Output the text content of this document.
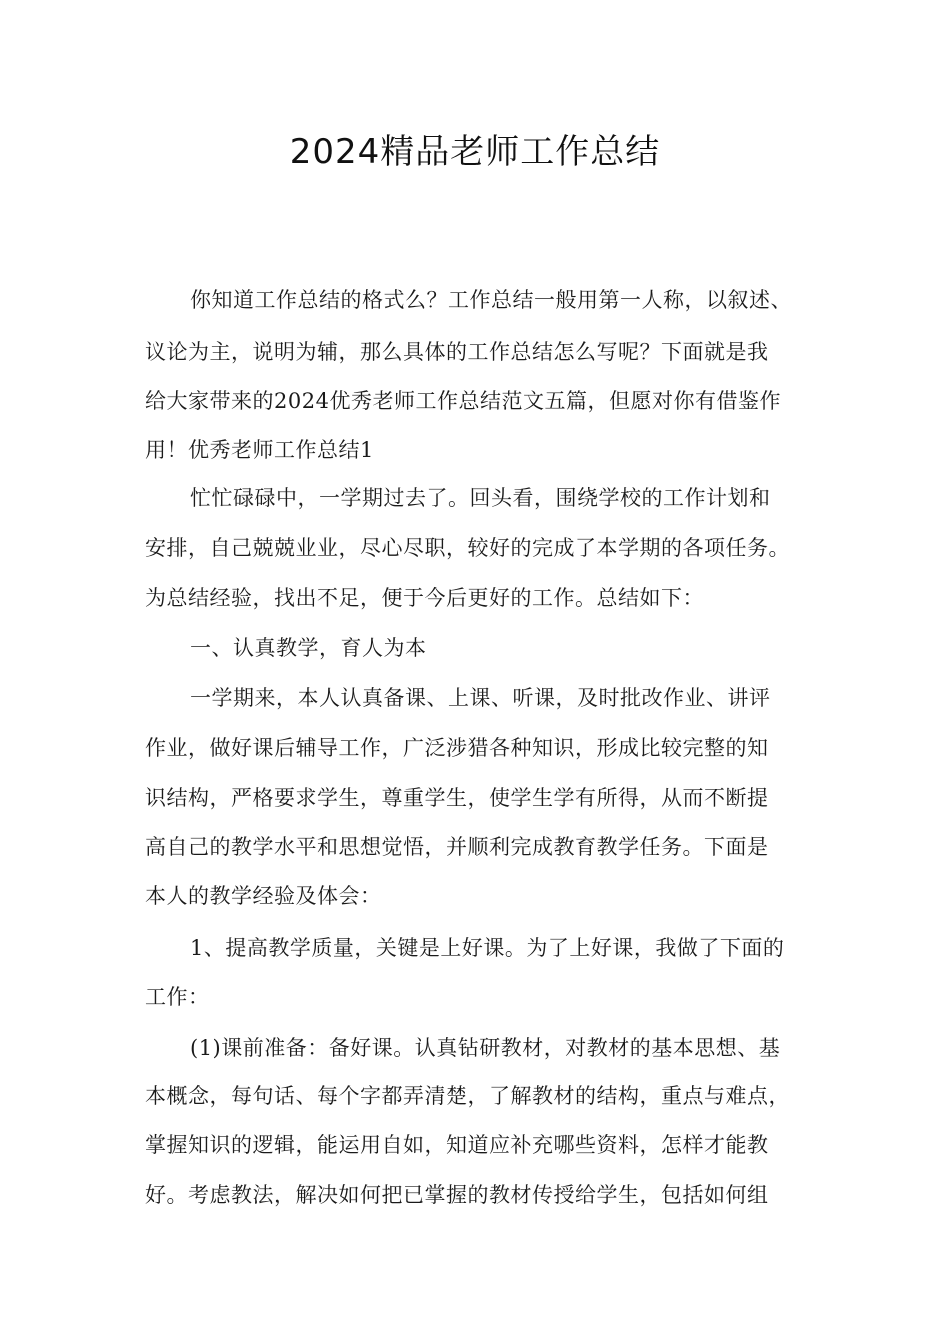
2024精品老师工作总结
你知道工作总结的格式么？工作总结一般用第一人称，以叙述、
议论为主，说明为辅，那么具体的工作总结怎么写呢？下面就是我
给大家带来的2024优秀老师工作总结范文五篇，但愿对你有借鉴作
用！优秀老师工作总结1
忙忙碌碌中，一学期过去了。回头看，围绕学校的工作计划和
安排，自己兢兢业业，尽心尽职，较好的完成了本学期的各项任务。
为总结经验，找出不足，便于今后更好的工作。总结如下：
一、认真教学，育人为本
一学期来，本人认真备课、上课、听课，及时批改作业、讲评
作业，做好课后辅导工作，广泛涉猎各种知识，形成比较完整的知
识结构，严格要求学生，尊重学生，使学生学有所得，从而不断提
高自己的教学水平和思想觉悟，并顺利完成教育教学任务。下面是
本人的教学经验及体会：
1、提高教学质量，关键是上好课。为了上好课，我做了下面的
工作：
(1)课前准备：备好课。认真钻研教材，对教材的基本思想、基
本概念，每句话、每个字都弄清楚，了解教材的结构，重点与难点，
掌握知识的逻辑，能运用自如，知道应补充哪些资料，怎样才能教
好。考虑教法，解决如何把已掌握的教材传授给学生，包括如何组
